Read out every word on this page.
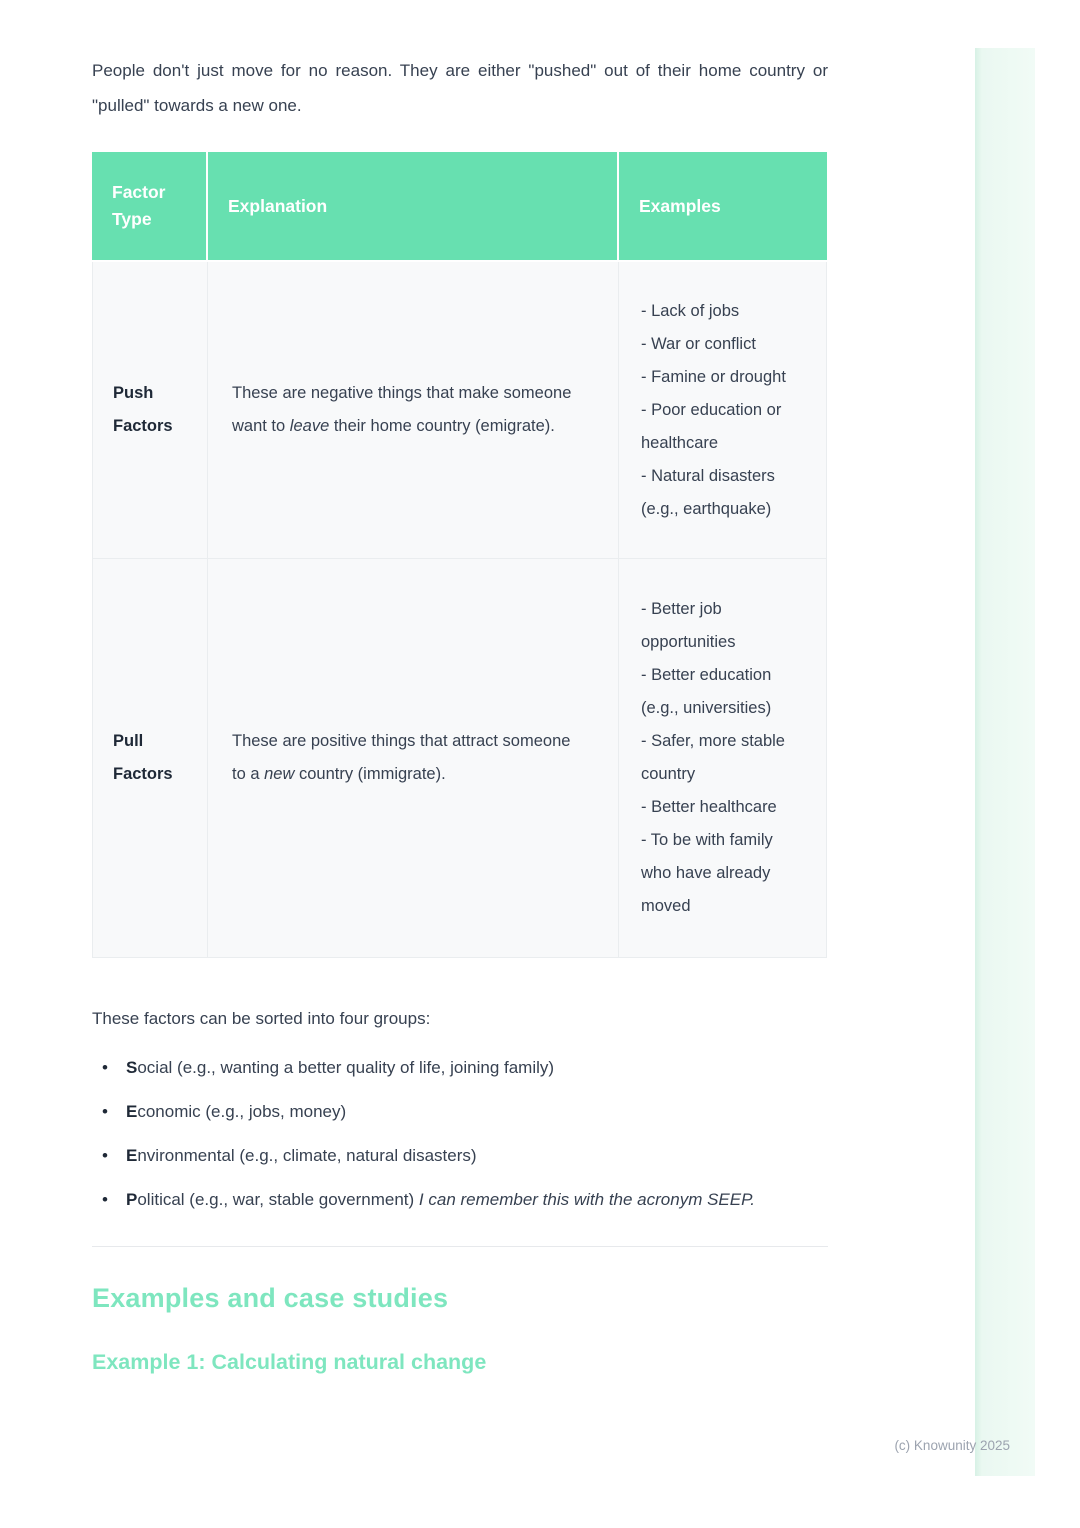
People don't just move for no reason. They are either "pushed" out of their home country or "pulled" towards a new one.

Factor Type	Explanation	Examples
Push Factors	These are negative things that make someone want to leave their home country (emigrate).	- Lack of jobs
- War or conflict
- Famine or drought
- Poor education or healthcare
- Natural disasters (e.g., earthquake)

Pull Factors	These are positive things that attract someone to a new country (immigrate).	- Better job opportunities
- Better education (e.g., universities)
- Safer, more stable country
- Better healthcare
- To be with family who have already moved

These factors can be sorted into four groups:

• Social (e.g., wanting a better quality of life, joining family)
• Economic (e.g., jobs, money)
• Environmental (e.g., climate, natural disasters)
• Political (e.g., war, stable government) I can remember this with the acronym SEEP.
Examples and case studies
Example 1: Calculating natural change
(c) Knowunity 2025
